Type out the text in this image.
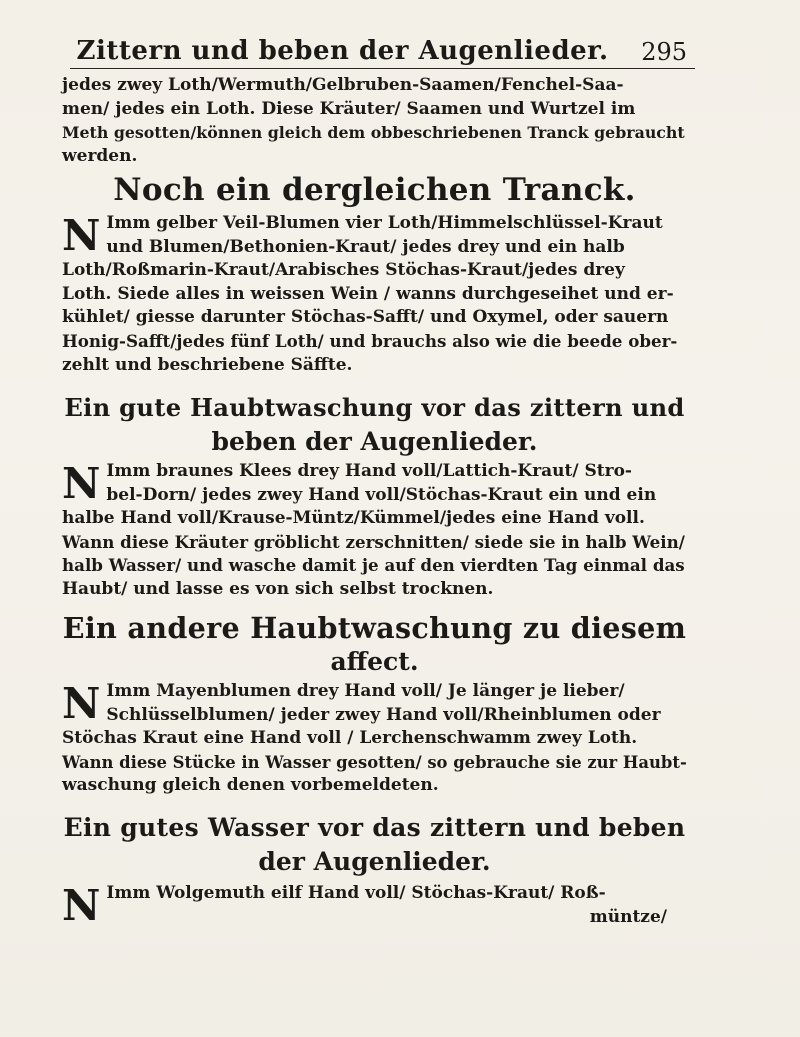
Zittern und beben der Augenlieder. 295
jedes zwey Loth/Wermuth/Gelbruben-Saamen/Fenchel-Saa-
men/ jedes ein Loth. Diese Kräuter/ Saamen und Wurtzel im
Meth gesotten/können gleich dem obbeschriebenen Tranck gebraucht
werden.
Noch ein dergleichen Tranck.
N Imm gelber Veil-Blumen vier Loth/Himmelschlüssel-Kraut
und Blumen/Bethonien-Kraut/ jedes drey und ein halb
Loth/Roßmarin-Kraut/Arabisches Stöchas-Kraut/jedes drey
Loth. Siede alles in weissen Wein / wanns durchgeseihet und er-
kühlet/ giesse darunter Stöchas-Safft/ und Oxymel, oder sauern
Honig-Safft/jedes fünf Loth/ und brauchs also wie die beede ober-
zehlt und beschriebene Säffte.
Ein gute Haubtwaschung vor das zittern und
beben der Augenlieder.
N Imm braunes Klees drey Hand voll/Lattich-Kraut/ Stro-
bel-Dorn/ jedes zwey Hand voll/Stöchas-Kraut ein und ein
halbe Hand voll/Krause-Müntz/Kümmel/jedes eine Hand voll.
Wann diese Kräuter gröblicht zerschnitten/ siede sie in halb Wein/
halb Wasser/ und wasche damit je auf den vierdten Tag einmal das
Haubt/ und lasse es von sich selbst trocknen.
Ein andere Haubtwaschung zu diesem
affect.
N Imm Mayenblumen drey Hand voll/ Je länger je lieber/
Schlüsselblumen/ jeder zwey Hand voll/Rheinblumen oder
Stöchas Kraut eine Hand voll / Lerchenschwamm zwey Loth.
Wann diese Stücke in Wasser gesotten/ so gebrauche sie zur Haubt-
waschung gleich denen vorbemeldeten.
Ein gutes Wasser vor das zittern und beben
der Augenlieder.
N Imm Wolgemuth eilf Hand voll/ Stöchas-Kraut/ Roß-
müntze/
